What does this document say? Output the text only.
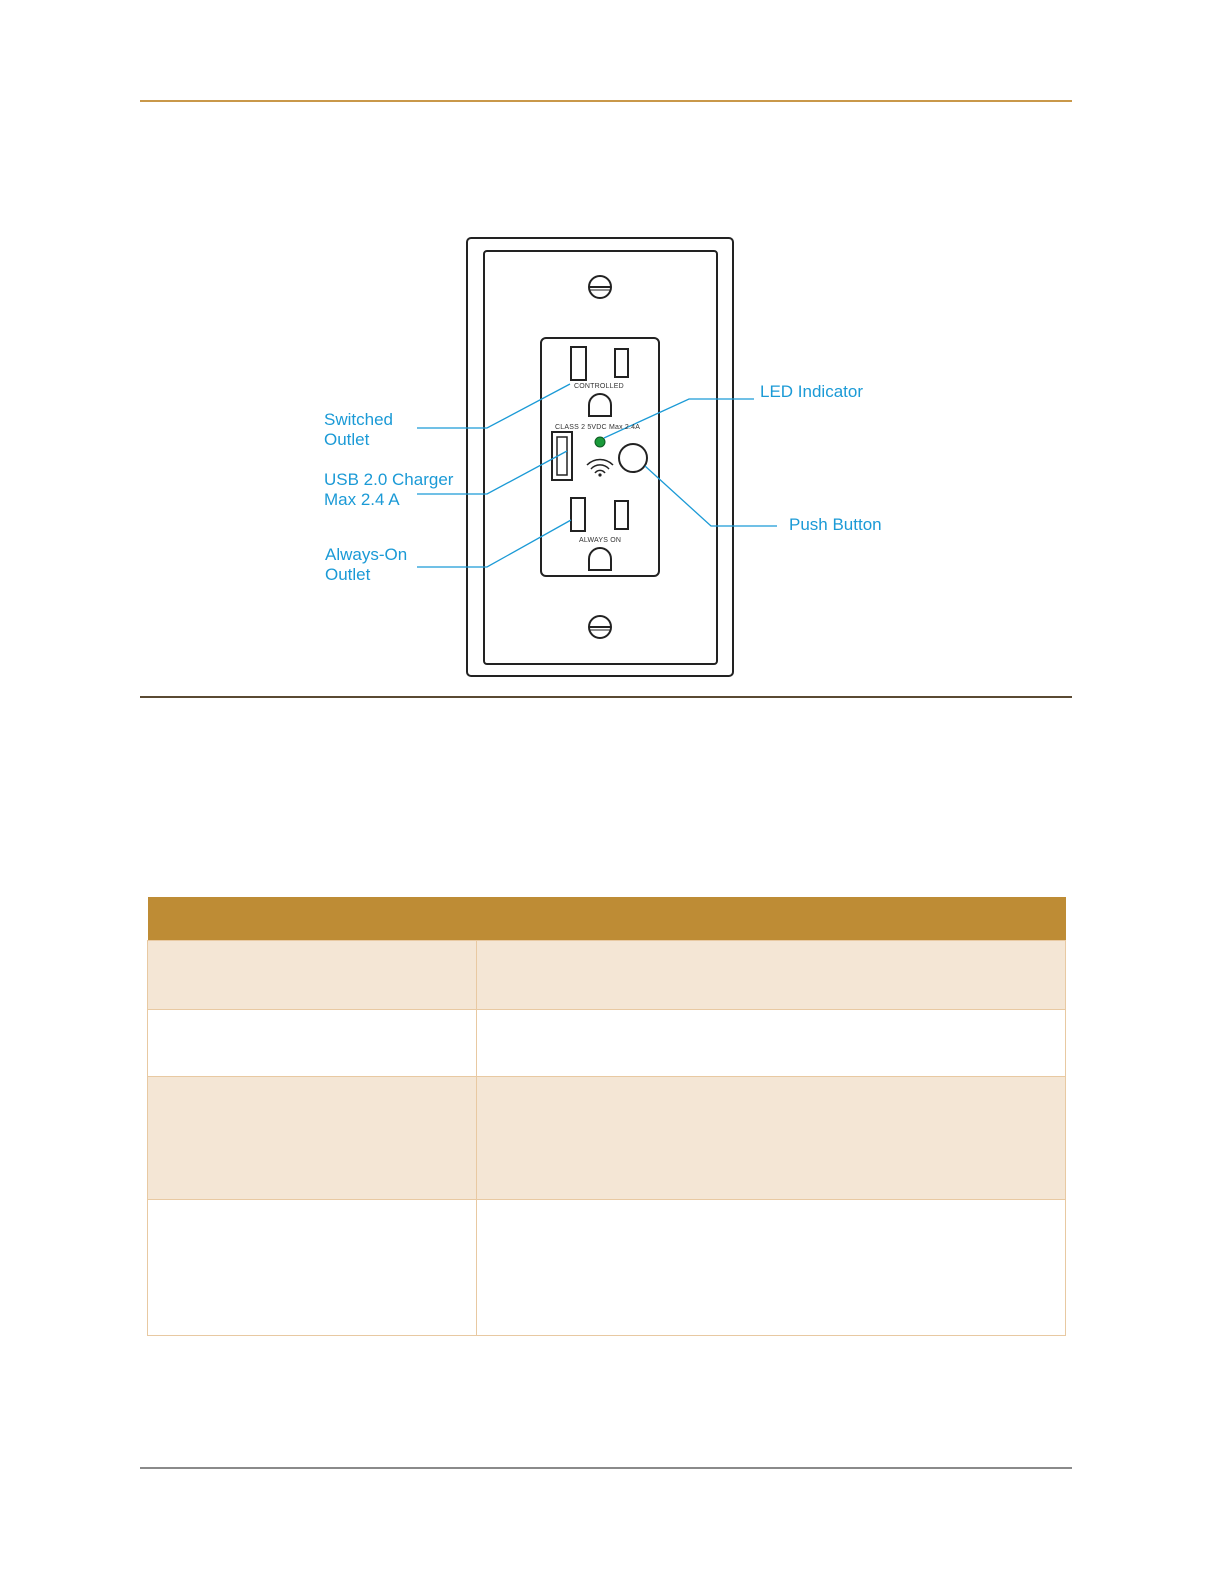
CONTROLLED
CLASS 2 5VDC Max 2.4A
ALWAYS ON
Switched
Outlet
USB 2.0 Charger
Max 2.4 A
Always-On
Outlet
LED Indicator
Push Button
